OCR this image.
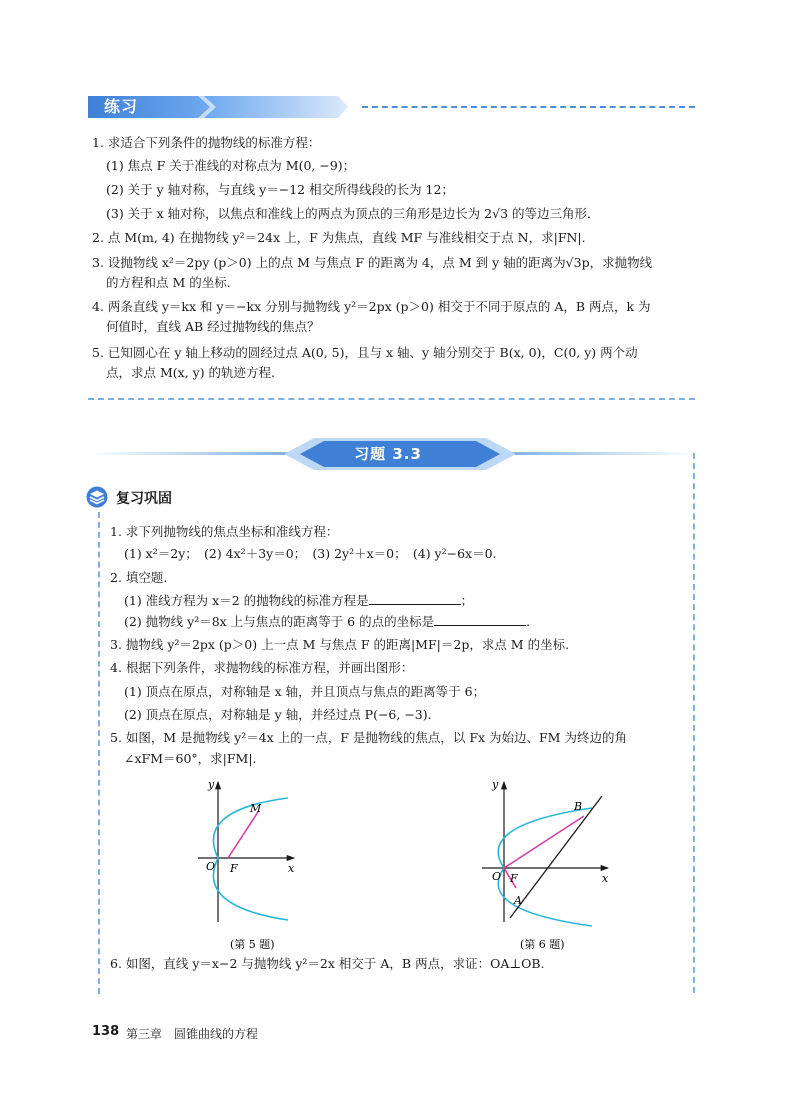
练习
1. 求适合下列条件的抛物线的标准方程：
(1) 焦点 F 关于准线的对称点为 M(0, −9)；
(2) 关于 y 轴对称，与直线 y＝−12 相交所得线段的长为 12；
(3) 关于 x 轴对称，以焦点和准线上的两点为顶点的三角形是边长为 2√3 的等边三角形.
2. 点 M(m, 4) 在抛物线 y²＝24x 上，F 为焦点，直线 MF 与准线相交于点 N，求|FN|.
3. 设抛物线 x²＝2py (p＞0) 上的点 M 与焦点 F 的距离为 4，点 M 到 y 轴的距离为√3p，求抛物线
的方程和点 M 的坐标.
4. 两条直线 y＝kx 和 y＝−kx 分别与抛物线 y²＝2px (p＞0) 相交于不同于原点的 A，B 两点，k 为
何值时，直线 AB 经过抛物线的焦点？
5. 已知圆心在 y 轴上移动的圆经过点 A(0, 5)，且与 x 轴、y 轴分别交于 B(x, 0)，C(0, y) 两个动
点，求点 M(x, y) 的轨迹方程.
习题 3.3
复习巩固
1. 求下列抛物线的焦点坐标和准线方程：
(1) x²＝2y；　(2) 4x²＋3y＝0；　(3) 2y²＋x＝0；　(4) y²−6x＝0.
2. 填空题.
(1) 准线方程为 x＝2 的抛物线的标准方程是	；
(2) 抛物线 y²＝8x 上与焦点的距离等于 6 的点的坐标是	.
3. 抛物线 y²＝2px (p＞0) 上一点 M 与焦点 F 的距离|MF|＝2p，求点 M 的坐标.
4. 根据下列条件，求抛物线的标准方程，并画出图形：
(1) 顶点在原点，对称轴是 x 轴，并且顶点与焦点的距离等于 6；
(2) 顶点在原点，对称轴是 y 轴，并经过点 P(−6, −3).
5. 如图，M 是抛物线 y²＝4x 上的一点，F 是抛物线的焦点，以 Fx 为始边、FM 为终边的角
∠xFM＝60°，求|FM|.
y
x
O F
M
(第 5 题)
y
x
O F
A
B
(第 6 题)
6. 如图，直线 y＝x−2 与抛物线 y²＝2x 相交于 A，B 两点，求证：OA⊥OB.
138 第三章　圆锥曲线的方程
